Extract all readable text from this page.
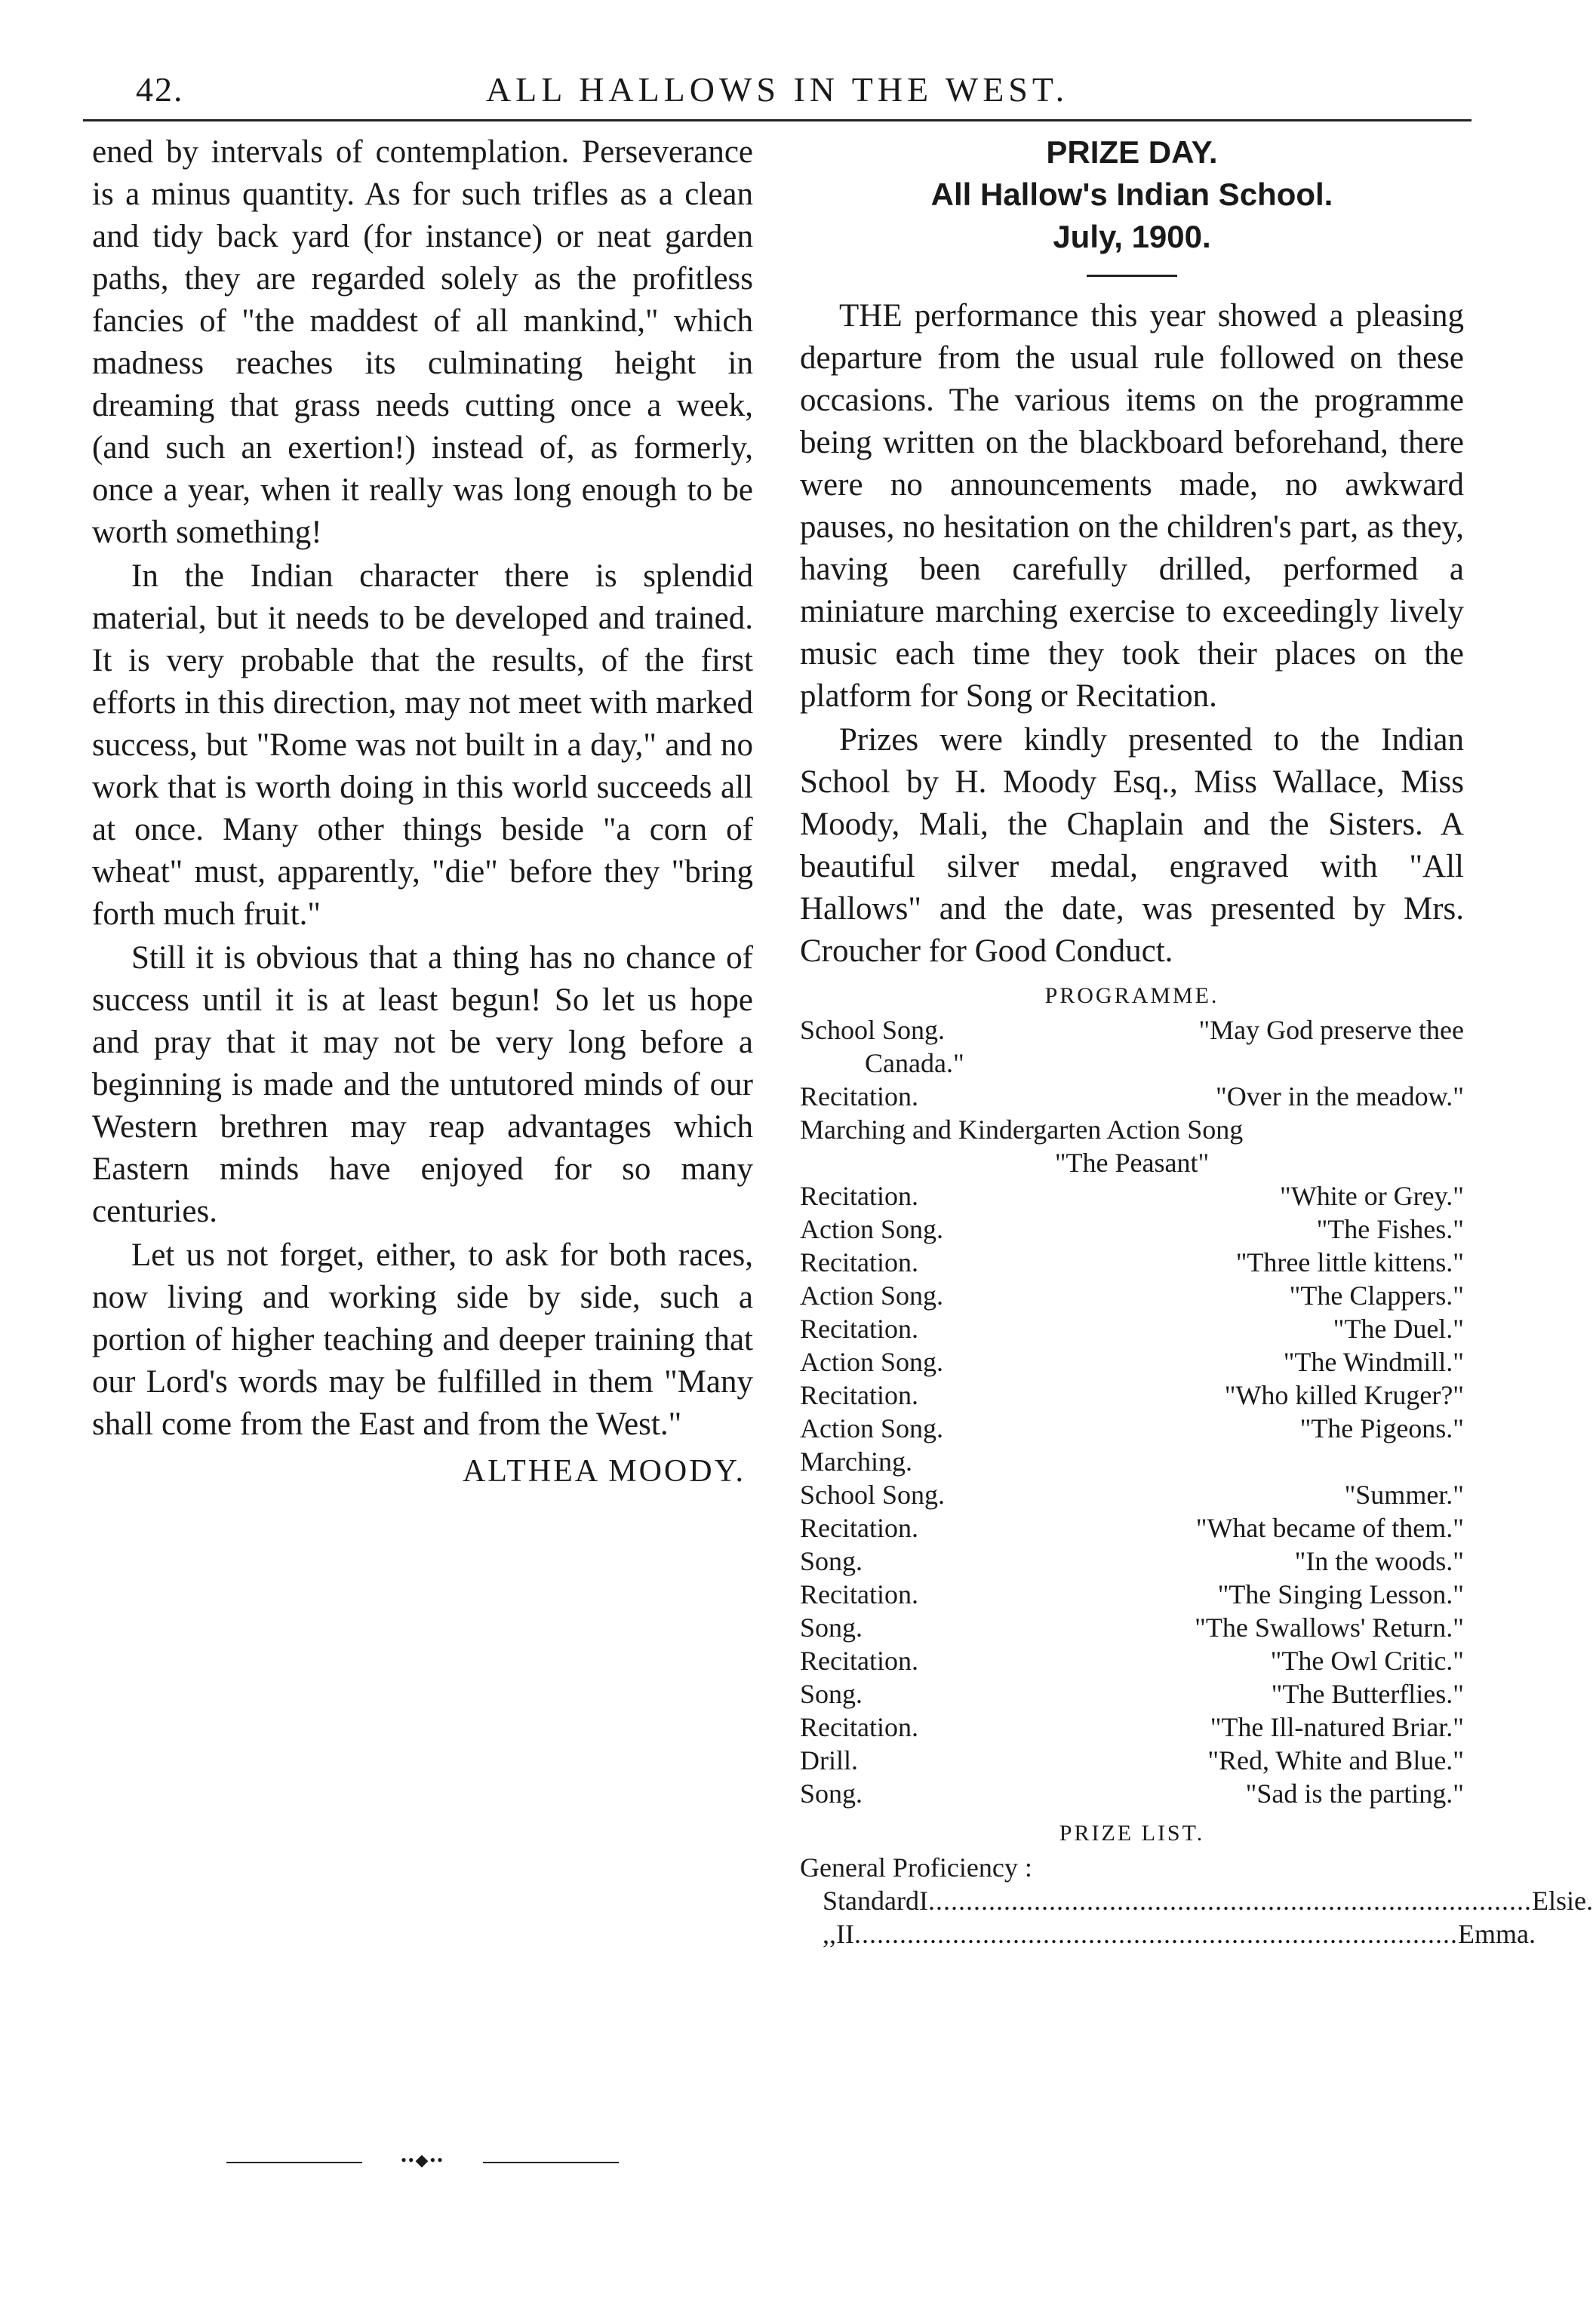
42.	ALL HALLOWS IN THE WEST.

ened by intervals of contemplation. Perseverance is a minus quantity. As for such trifles as a clean and tidy back yard (for instance) or neat garden paths, they are regarded solely as the profitless fancies of "the maddest of all mankind," which madness reaches its culminating height in dreaming that grass needs cutting once a week, (and such an exertion!) instead of, as formerly, once a year, when it really was long enough to be worth something!

In the Indian character there is splendid material, but it needs to be developed and trained. It is very probable that the results, of the first efforts in this direction, may not meet with marked success, but "Rome was not built in a day," and no work that is worth doing in this world succeeds all at once. Many other things beside "a corn of wheat" must, apparently, "die" before they "bring forth much fruit."

Still it is obvious that a thing has no chance of success until it is at least begun! So let us hope and pray that it may not be very long before a beginning is made and the untutored minds of our Western brethren may reap advantages which Eastern minds have enjoyed for so many centuries.

Let us not forget, either, to ask for both races, now living and working side by side, such a portion of higher teaching and deeper training that our Lord's words may be fulfilled in them "Many shall come from the East and from the West."

ALTHEA MOODY.
••◆••

PRIZE DAY.

All Hallow's Indian School.

July, 1900.

THE performance this year showed a pleasing departure from the usual rule followed on these occasions. The various items on the programme being written on the blackboard beforehand, there were no announcements made, no awkward pauses, no hesitation on the children's part, as they, having been carefully drilled, performed a miniature marching exercise to exceedingly lively music each time they took their places on the platform for Song or Recitation.

Prizes were kindly presented to the Indian School by H. Moody Esq., Miss Wallace, Miss Moody, Mali, the Chaplain and the Sisters. A beautiful silver medal, engraved with "All Hallows" and the date, was presented by Mrs. Croucher for Good Conduct.

PROGRAMME.
School Song.	"May God preserve thee
Canada."
Recitation.	"Over in the meadow."
Marching and Kindergarten Action Song
"The Peasant"
Recitation.	"White or Grey."
Action Song.	"The Fishes."
Recitation.	"Three little kittens."
Action Song.	"The Clappers."
Recitation.	"The Duel."
Action Song.	"The Windmill."
Recitation.	"Who killed Kruger?"
Action Song.	"The Pigeons."
Marching.
School Song.	"Summer."
Recitation.	"What became of them."
Song.	"In the woods."
Recitation.	"The Singing Lesson."
Song.	"The Swallows' Return."
Recitation.	"The Owl Critic."
Song.	"The Butterflies."
Recitation.	"The Ill-natured Briar."
Drill.	"Red, White and Blue."
Song.	"Sad is the parting."
PRIZE LIST.
General Proficiency :
Standard I ................................................................................ Elsie.
,, II ................................................................................ Emma.
